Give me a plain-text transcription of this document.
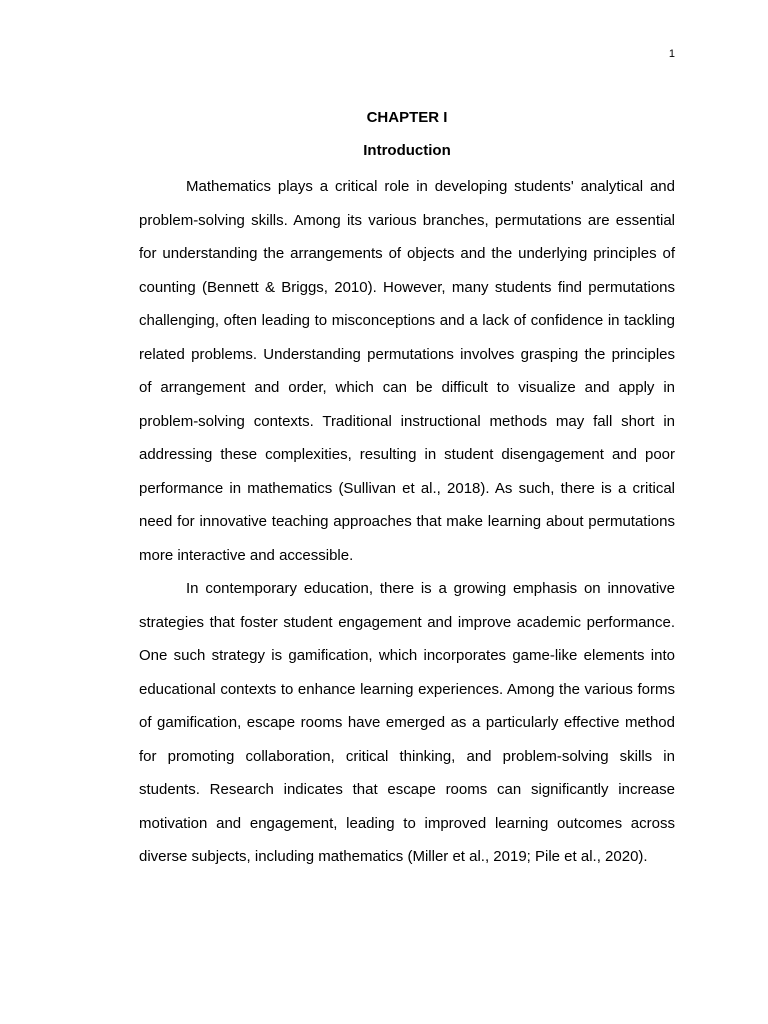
1
CHAPTER I
Introduction

Mathematics plays a critical role in developing students' analytical and problem-solving skills. Among its various branches, permutations are essential for understanding the arrangements of objects and the underlying principles of counting (Bennett & Briggs, 2010). However, many students find permutations challenging, often leading to misconceptions and a lack of confidence in tackling related problems. Understanding permutations involves grasping the principles of arrangement and order, which can be difficult to visualize and apply in problem-solving contexts. Traditional instructional methods may fall short in addressing these complexities, resulting in student disengagement and poor performance in mathematics (Sullivan et al., 2018). As such, there is a critical need for innovative teaching approaches that make learning about permutations more interactive and accessible.

In contemporary education, there is a growing emphasis on innovative strategies that foster student engagement and improve academic performance. One such strategy is gamification, which incorporates game-like elements into educational contexts to enhance learning experiences. Among the various forms of gamification, escape rooms have emerged as a particularly effective method for promoting collaboration, critical thinking, and problem-solving skills in students. Research indicates that escape rooms can significantly increase motivation and engagement, leading to improved learning outcomes across diverse subjects, including mathematics (Miller et al., 2019; Pile et al., 2020).
